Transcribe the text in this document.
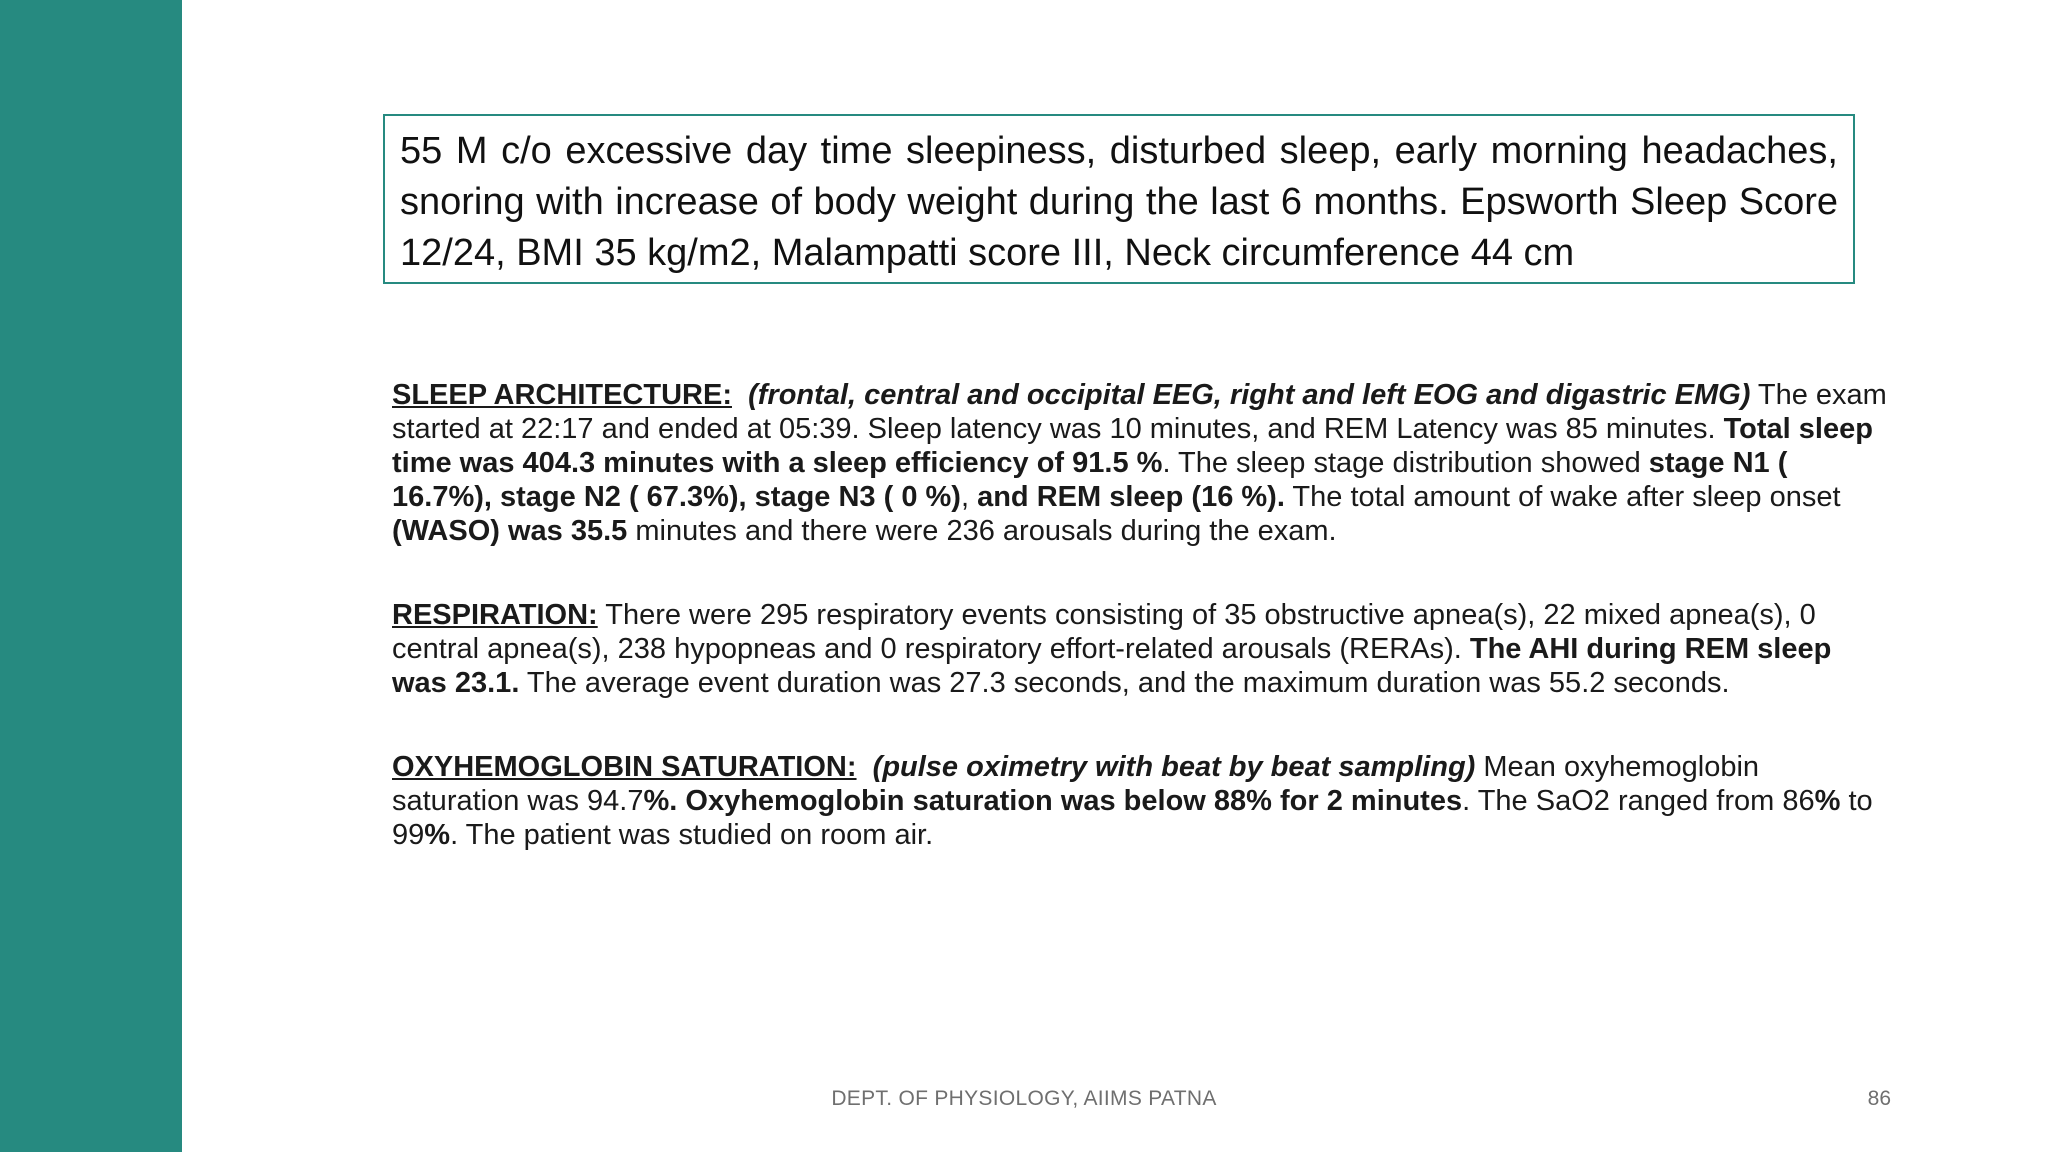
55 M c/o excessive day time sleepiness, disturbed sleep, early morning headaches, snoring with increase of body weight during the last 6 months. Epsworth Sleep Score 12/24, BMI 35 kg/m2, Malampatti score III, Neck circumference 44 cm

SLEEP ARCHITECTURE: (frontal, central and occipital EEG, right and left EOG and digastric EMG) The exam started at 22:17 and ended at 05:39. Sleep latency was 10 minutes, and REM Latency was 85 minutes. Total sleep time was 404.3 minutes with a sleep efficiency of 91.5 %. The sleep stage distribution showed stage N1 ( 16.7%), stage N2 ( 67.3%), stage N3 ( 0 %), and REM sleep (16 %). The total amount of wake after sleep onset (WASO) was 35.5 minutes and there were 236 arousals during the exam.

RESPIRATION: There were 295 respiratory events consisting of 35 obstructive apnea(s), 22 mixed apnea(s), 0 central apnea(s), 238 hypopneas and 0 respiratory effort-related arousals (RERAs). The AHI during REM sleep was 23.1. The average event duration was 27.3 seconds, and the maximum duration was 55.2 seconds.

OXYHEMOGLOBIN SATURATION: (pulse oximetry with beat by beat sampling) Mean oxyhemoglobin saturation was 94.7%. Oxyhemoglobin saturation was below 88% for 2 minutes. The SaO2 ranged from 86% to 99%. The patient was studied on room air.

DEPT. OF PHYSIOLOGY, AIIMS PATNA	86
